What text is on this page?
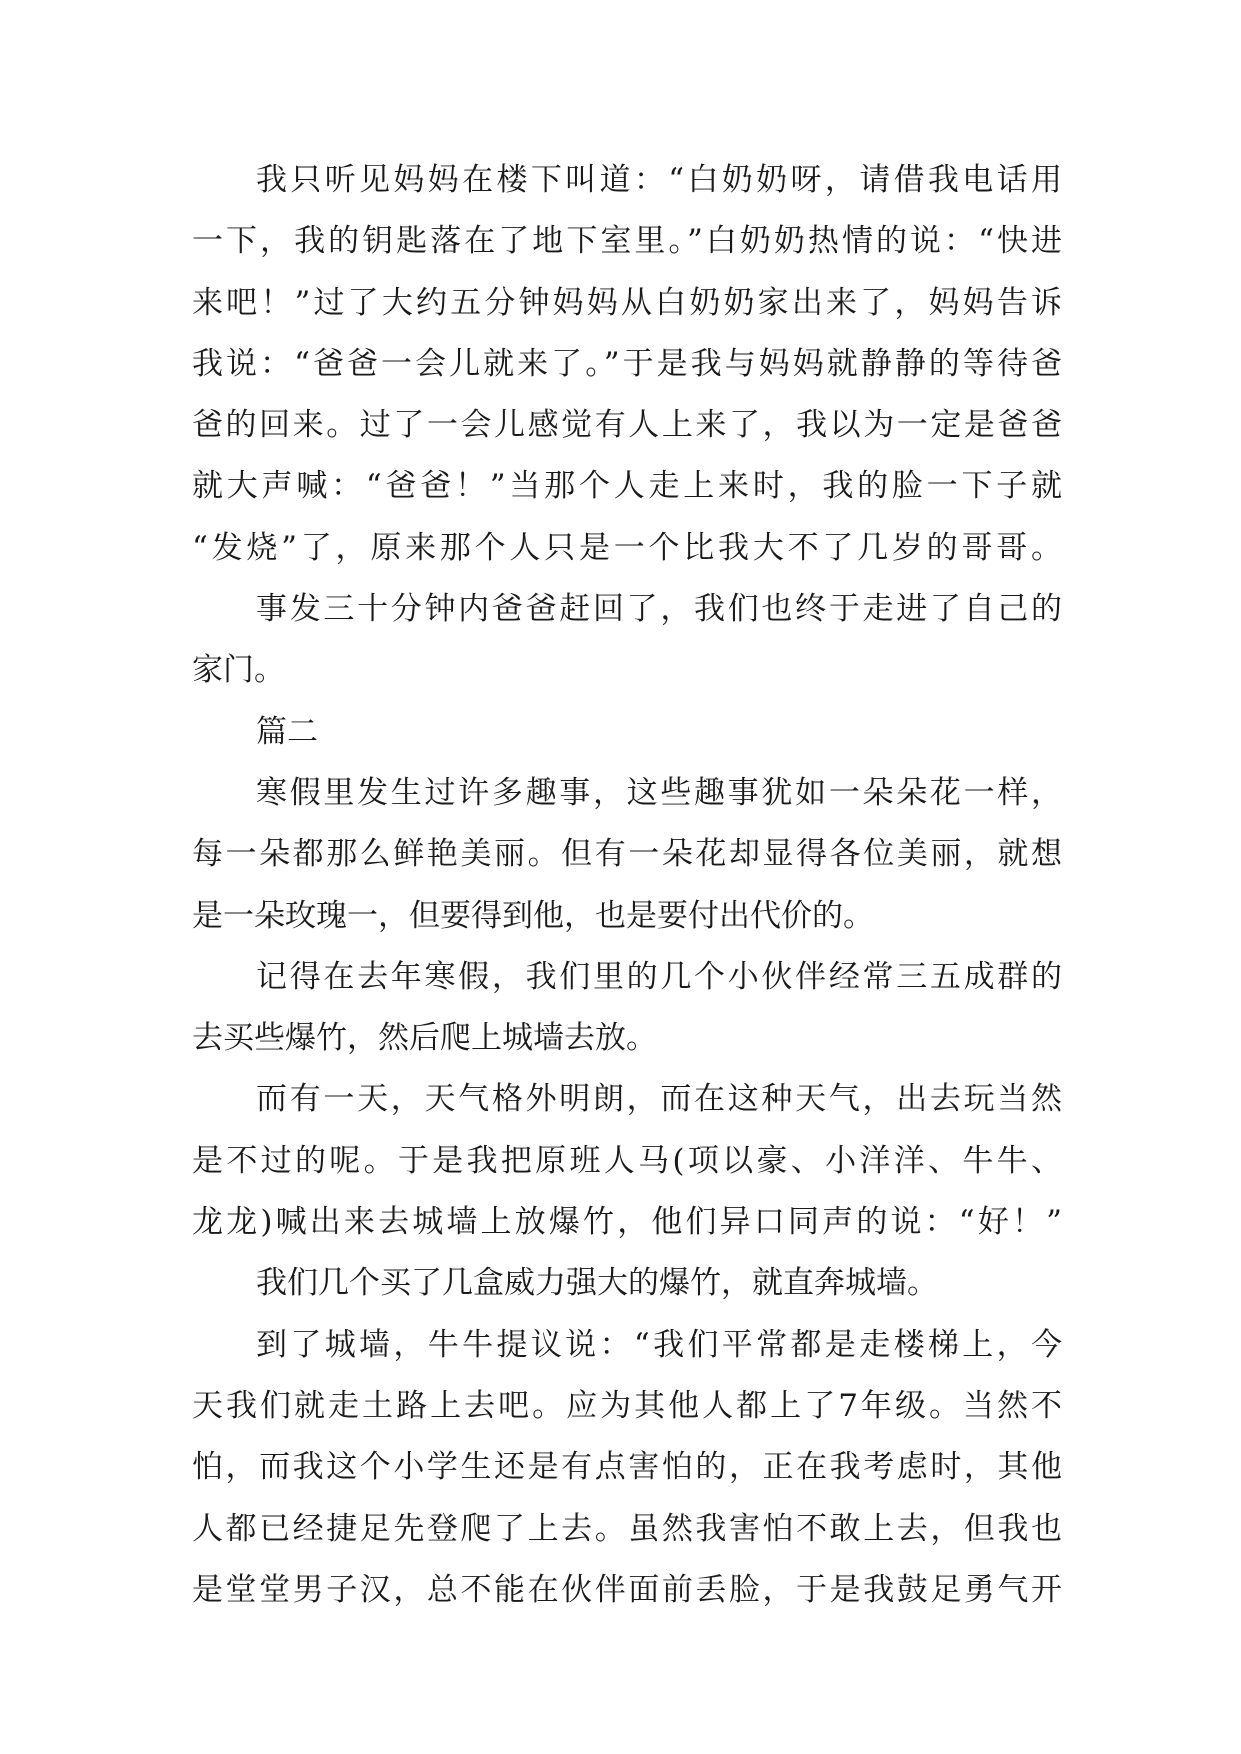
我只听见妈妈在楼下叫道：“白奶奶呀，请借我电话用
一下，我的钥匙落在了地下室里。”白奶奶热情的说：“快进
来吧！”过了大约五分钟妈妈从白奶奶家出来了，妈妈告诉
我说：“爸爸一会儿就来了。”于是我与妈妈就静静的等待爸
爸的回来。过了一会儿感觉有人上来了，我以为一定是爸爸
就大声喊：“爸爸！”当那个人走上来时，我的脸一下子就
“发烧”了，原来那个人只是一个比我大不了几岁的哥哥。
事发三十分钟内爸爸赶回了，我们也终于走进了自己的
家门。
篇二
寒假里发生过许多趣事，这些趣事犹如一朵朵花一样，
每一朵都那么鲜艳美丽。但有一朵花却显得各位美丽，就想
是一朵玫瑰一，但要得到他，也是要付出代价的。
记得在去年寒假，我们里的几个小伙伴经常三五成群的
去买些爆竹，然后爬上城墙去放。
而有一天，天气格外明朗，而在这种天气，出去玩当然
是不过的呢。于是我把原班人马(项以豪、小洋洋、牛牛、
龙龙)喊出来去城墙上放爆竹，他们异口同声的说：“好！”
我们几个买了几盒威力强大的爆竹，就直奔城墙。
到了城墙，牛牛提议说：“我们平常都是走楼梯上，今
天我们就走土路上去吧。应为其他人都上了7年级。当然不
怕，而我这个小学生还是有点害怕的，正在我考虑时，其他
人都已经捷足先登爬了上去。虽然我害怕不敢上去，但我也
是堂堂男子汉，总不能在伙伴面前丢脸，于是我鼓足勇气开
